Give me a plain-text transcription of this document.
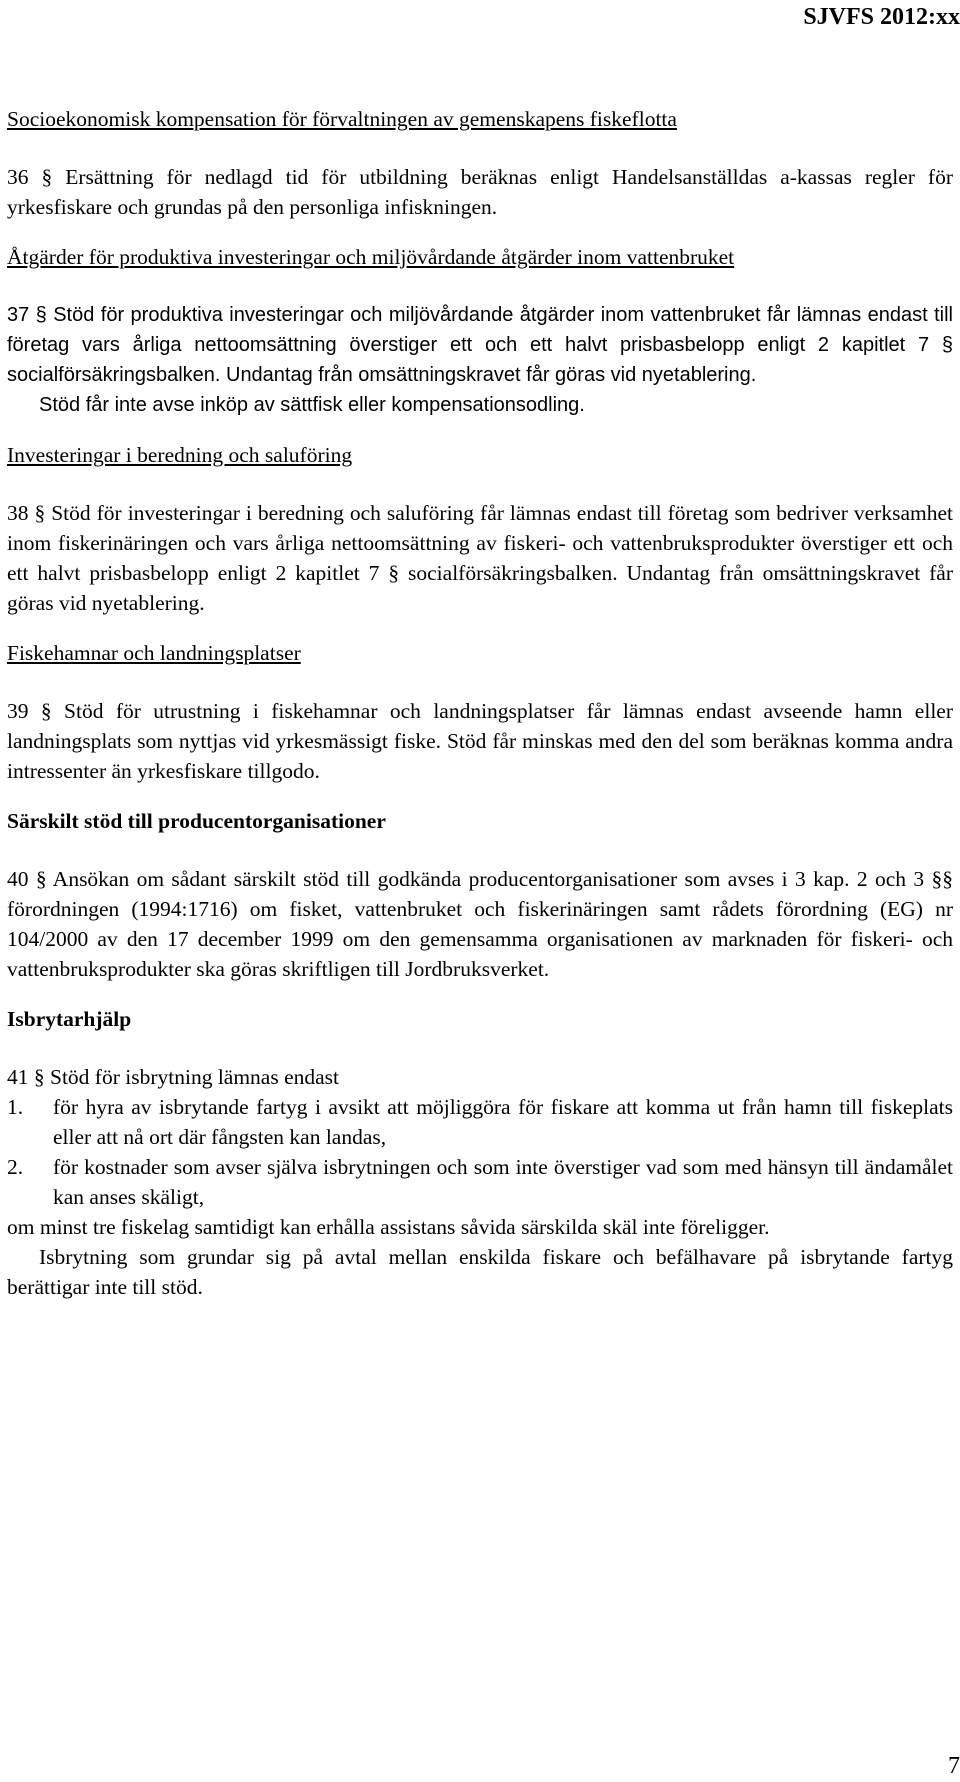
SJVFS 2012:xx
Socioekonomisk kompensation för förvaltningen av gemenskapens fiskeflotta

36 § Ersättning för nedlagd tid för utbildning beräknas enligt Handelsanställdas a-kassas regler för yrkesfiskare och grundas på den personliga infiskningen.

Åtgärder för produktiva investeringar och miljövårdande åtgärder inom vattenbruket

37 § Stöd för produktiva investeringar och miljövårdande åtgärder inom vattenbruket får lämnas endast till företag vars årliga nettoomsättning överstiger ett och ett halvt prisbasbelopp enligt 2 kapitlet 7 § socialförsäkringsbalken. Undantag från omsättningskravet får göras vid nyetablering.

Stöd får inte avse inköp av sättfisk eller kompensationsodling.

Investeringar i beredning och saluföring

38 § Stöd för investeringar i beredning och saluföring får lämnas endast till företag som bedriver verksamhet inom fiskerinäringen och vars årliga nettoomsättning av fiskeri- och vattenbruksprodukter överstiger ett och ett halvt prisbasbelopp enligt 2 kapitlet 7 § socialförsäkringsbalken. Undantag från omsättningskravet får göras vid nyetablering.

Fiskehamnar och landningsplatser

39 § Stöd för utrustning i fiskehamnar och landningsplatser får lämnas endast avseende hamn eller landningsplats som nyttjas vid yrkesmässigt fiske. Stöd får minskas med den del som beräknas komma andra intressenter än yrkesfiskare tillgodo.

Särskilt stöd till producentorganisationer

40 § Ansökan om sådant särskilt stöd till godkända producentorganisationer som avses i 3 kap. 2 och 3 §§ förordningen (1994:1716) om fisket, vattenbruket och fiskerinäringen samt rådets förordning (EG) nr 104/2000 av den 17 december 1999 om den gemensamma organisationen av marknaden för fiskeri- och vattenbruksprodukter ska göras skriftligen till Jordbruksverket.

Isbrytarhjälp

41 § Stöd för isbrytning lämnas endast

1. för hyra av isbrytande fartyg i avsikt att möjliggöra för fiskare att komma ut från hamn till fiskeplats eller att nå ort där fångsten kan landas,
2. för kostnader som avser själva isbrytningen och som inte överstiger vad som med hänsyn till ändamålet kan anses skäligt,

om minst tre fiskelag samtidigt kan erhålla assistans såvida särskilda skäl inte föreligger.

Isbrytning som grundar sig på avtal mellan enskilda fiskare och befälhavare på isbrytande fartyg berättigar inte till stöd.

7
